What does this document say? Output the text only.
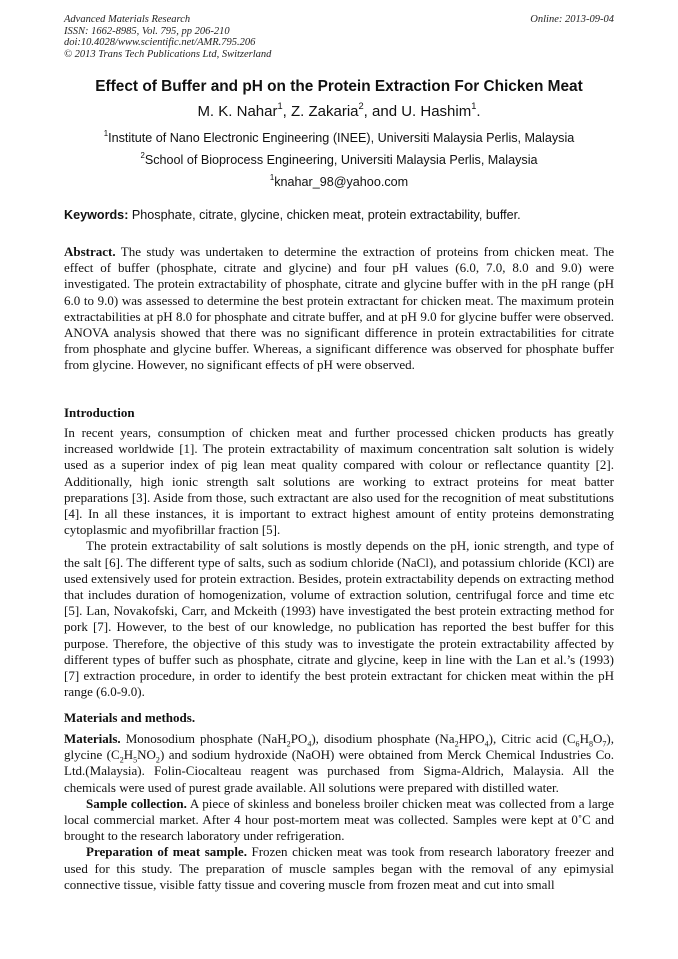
Advanced Materials Research
ISSN: 1662-8985, Vol. 795, pp 206-210
doi:10.4028/www.scientific.net/AMR.795.206
© 2013 Trans Tech Publications Ltd, Switzerland
Online: 2013-09-04
Effect of Buffer and pH on the Protein Extraction For Chicken Meat
M. K. Nahar$^1$, Z. Zakaria$^2$, and U. Hashim$^1$.
$^1$Institute of Nano Electronic Engineering (INEE), Universiti Malaysia Perlis, Malaysia
$^2$School of Bioprocess Engineering, Universiti Malaysia Perlis, Malaysia
$^1$knahar_98@yahoo.com
Keywords: Phosphate, citrate, glycine, chicken meat, protein extractability, buffer.

Abstract. The study was undertaken to determine the extraction of proteins from chicken meat. The effect of buffer (phosphate, citrate and glycine) and four pH values (6.0, 7.0, 8.0 and 9.0) were investigated. The protein extractability of phosphate, citrate and glycine buffer with in the pH range (pH 6.0 to 9.0) was assessed to determine the best protein extractant for chicken meat. The maximum protein extractabilities at pH 8.0 for phosphate and citrate buffer, and at pH 9.0 for glycine buffer were observed. ANOVA analysis showed that there was no significant difference in protein extractabilities for citrate from phosphate and glycine buffer. Whereas, a significant difference was observed for phosphate buffer from glycine. However, no significant effects of pH were observed.

Introduction

In recent years, consumption of chicken meat and further processed chicken products has greatly increased worldwide [1]. The protein extractability of maximum concentration salt solution is widely used as a superior index of pig lean meat quality compared with colour or reflectance quantity [2]. Additionally, high ionic strength salt solutions are working to extract proteins for meat batter preparations [3]. Aside from those, such extractant are also used for the recognition of meat substitutions [4]. In all these instances, it is important to extract highest amount of entity proteins demonstrating cytoplasmic and myofibrillar fraction [5].

The protein extractability of salt solutions is mostly depends on the pH, ionic strength, and type of the salt [6]. The different type of salts, such as sodium chloride (NaCl), and potassium chloride (KCl) are used extensively used for protein extraction. Besides, protein extractability depends on extracting method that includes duration of homogenization, volume of extraction solution, centrifugal force and time etc [5]. Lan, Novakofski, Carr, and Mckeith (1993) have investigated the best protein extracting method for pork [7]. However, to the best of our knowledge, no publication has reported the best buffer for this purpose. Therefore, the objective of this study was to investigate the protein extractability affected by different types of buffer such as phosphate, citrate and glycine, keep in line with the Lan et al.’s (1993) [7] extraction procedure, in order to identify the best protein extractant for chicken meat within the pH range (6.0-9.0).

Materials and methods.

Materials. Monosodium phosphate $(NaH_2PO_4)$, disodium phosphate $(Na_2HPO_4)$, Citric acid $(C_6H_8O_7)$, glycine $(C_2H_5NO_2)$ and sodium hydroxide (NaOH) were obtained from Merck Chemical Industries Co. Ltd.(Malaysia). Folin-Ciocalteau reagent was purchased from Sigma-Aldrich, Malaysia. All the chemicals were used of purest grade available. All solutions were prepared with distilled water.

Sample collection. A piece of skinless and boneless broiler chicken meat was collected from a large local commercial market. After 4 hour post-mortem meat was collected. Samples were kept at 0˚C and brought to the research laboratory under refrigeration.

Preparation of meat sample. Frozen chicken meat was took from research laboratory freezer and used for this study. The preparation of muscle samples began with the removal of any epimysial connective tissue, visible fatty tissue and covering muscle from frozen meat and cut into small
